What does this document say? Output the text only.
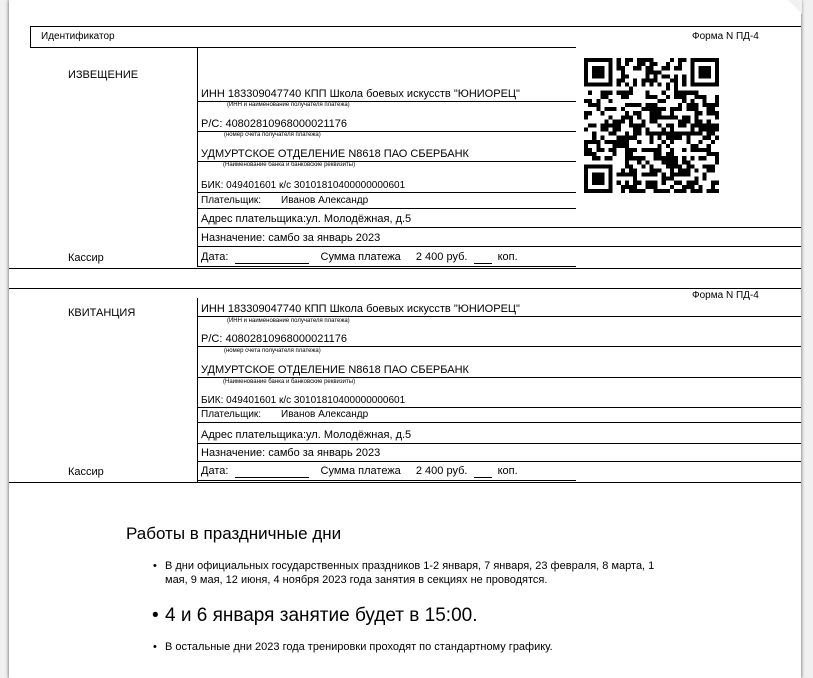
Идентификатор	Форма N ПД-4
ИЗВЕЩЕНИЕ
Кассир
ИНН 183309047740 КПП Школа боевых искусств "ЮНИОРЕЦ"
(ИНН и наименование получателя платежа)
Р/С: 40802810968000021176
(номер счета получателя платежа)
УДМУРТСКОЕ ОТДЕЛЕНИЕ N8618 ПАО СБЕРБАНК
(Наименование банка и банковские реквизиты)
БИК: 049401601 к/с 30101810400000000601
Плательщик: Иванов Александр
Адрес плательщика:ул. Молодёжная, д.5
Назначение: самбо за январь 2023
Дата:	Сумма платежа 2 400 руб.	коп.
Форма N ПД-4
КВИТАНЦИЯ
Кассир
ИНН 183309047740 КПП Школа боевых искусств "ЮНИОРЕЦ"
(ИНН и наименование получателя платежа)
Р/С: 40802810968000021176
(номер счета получателя платежа)
УДМУРТСКОЕ ОТДЕЛЕНИЕ N8618 ПАО СБЕРБАНК
(Наименование банка и банковские реквизиты)
БИК: 049401601 к/с 30101810400000000601
Плательщик: Иванов Александр
Адрес плательщика:ул. Молодёжная, д.5
Назначение: самбо за январь 2023
Дата:	Сумма платежа 2 400 руб.	коп.
Работы в праздничные дни
• В дни официальных государственных праздников 1-2 января, 7 января, 23 февраля, 8 марта, 1
мая, 9 мая, 12 июня, 4 ноября 2023 года занятия в секциях не проводятся.
• 4 и 6 января занятие будет в 15:00.
• В остальные дни 2023 года тренировки проходят по стандартному графику.
